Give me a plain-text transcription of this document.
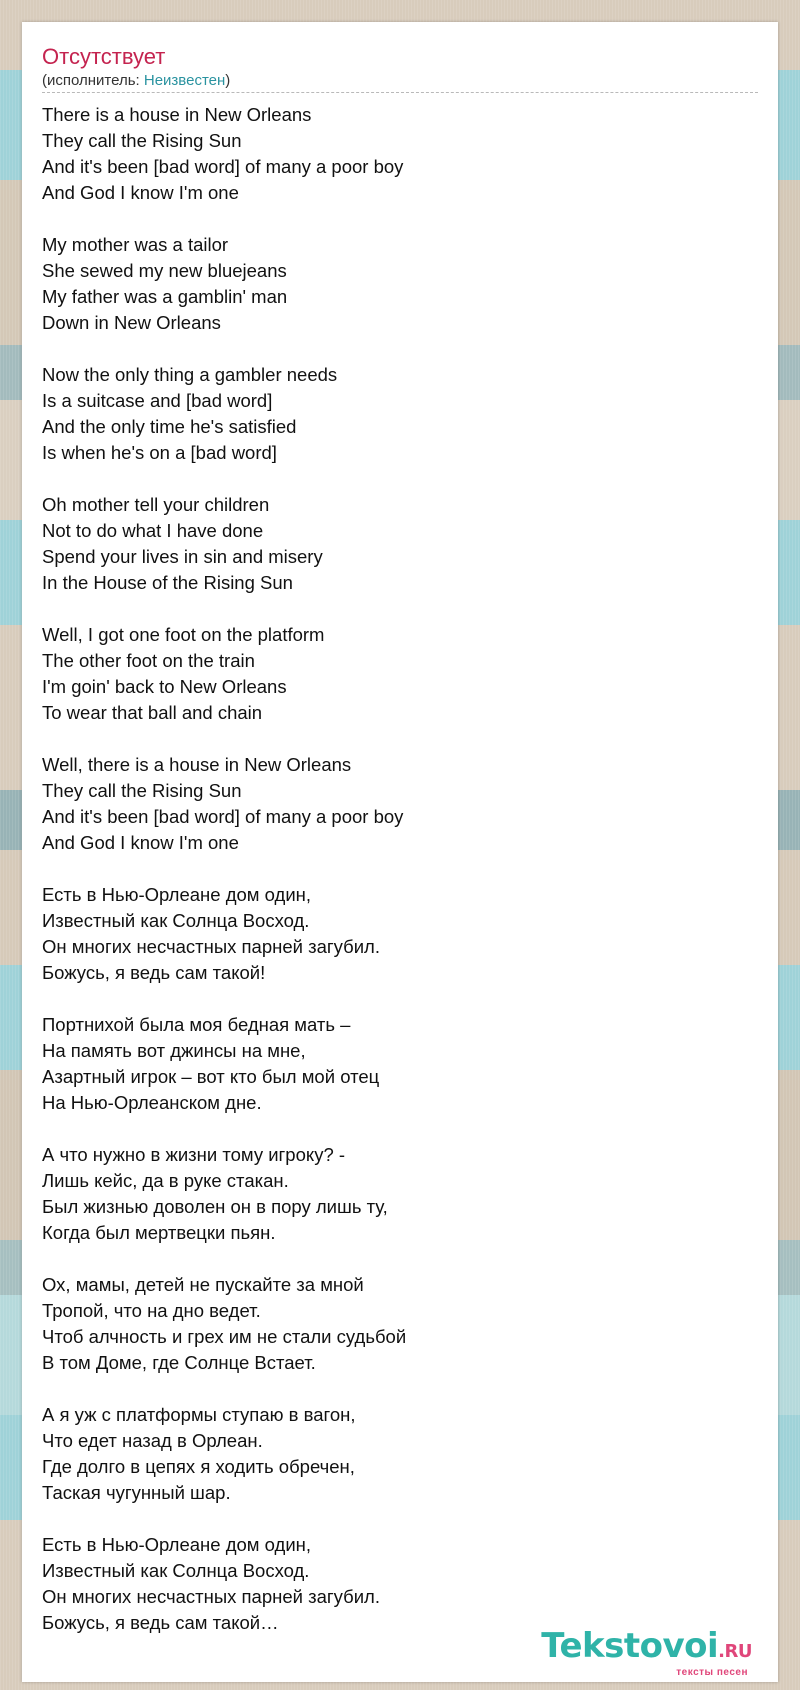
Отсутствует
(исполнитель: Неизвестен)
There is a house in New Orleans
They call the Rising Sun
And it's been [bad word] of many a poor boy
And God I know I'm one
My mother was a tailor
She sewed my new bluejeans
My father was a gamblin' man
Down in New Orleans
Now the only thing a gambler needs
Is a suitcase and [bad word]
And the only time he's satisfied
Is when he's on a [bad word]
Oh mother tell your children
Not to do what I have done
Spend your lives in sin and misery
In the House of the Rising Sun
Well, I got one foot on the platform
The other foot on the train
I'm goin' back to New Orleans
To wear that ball and chain
Well, there is a house in New Orleans
They call the Rising Sun
And it's been [bad word] of many a poor boy
And God I know I'm one
Есть в Нью-Орлеане дом один,
Известный как Солнца Восход.
Он многих несчастных парней загубил.
Божусь, я ведь сам такой!
Портнихой была моя бедная мать –
На память вот джинсы на мне,
Азартный игрок – вот кто был мой отец
На Нью-Орлеанском дне.
А что нужно в жизни тому игроку? -
Лишь кейс, да в руке стакан.
Был жизнью доволен он в пору лишь ту,
Когда был мертвецки пьян.
Ох, мамы, детей не пускайте за мной
Тропой, что на дно ведет.
Чтоб алчность и грех им не стали судьбой
В том Доме, где Солнце Встает.
А я уж с платформы ступаю в вагон,
Что едет назад в Орлеан.
Где долго в цепях я ходить обречен,
Таская чугунный шар.
Есть в Нью-Орлеане дом один,
Известный как Солнца Восход.
Он многих несчастных парней загубил.
Божусь, я ведь сам такой…
Tekstovoi.RU
тексты песен
